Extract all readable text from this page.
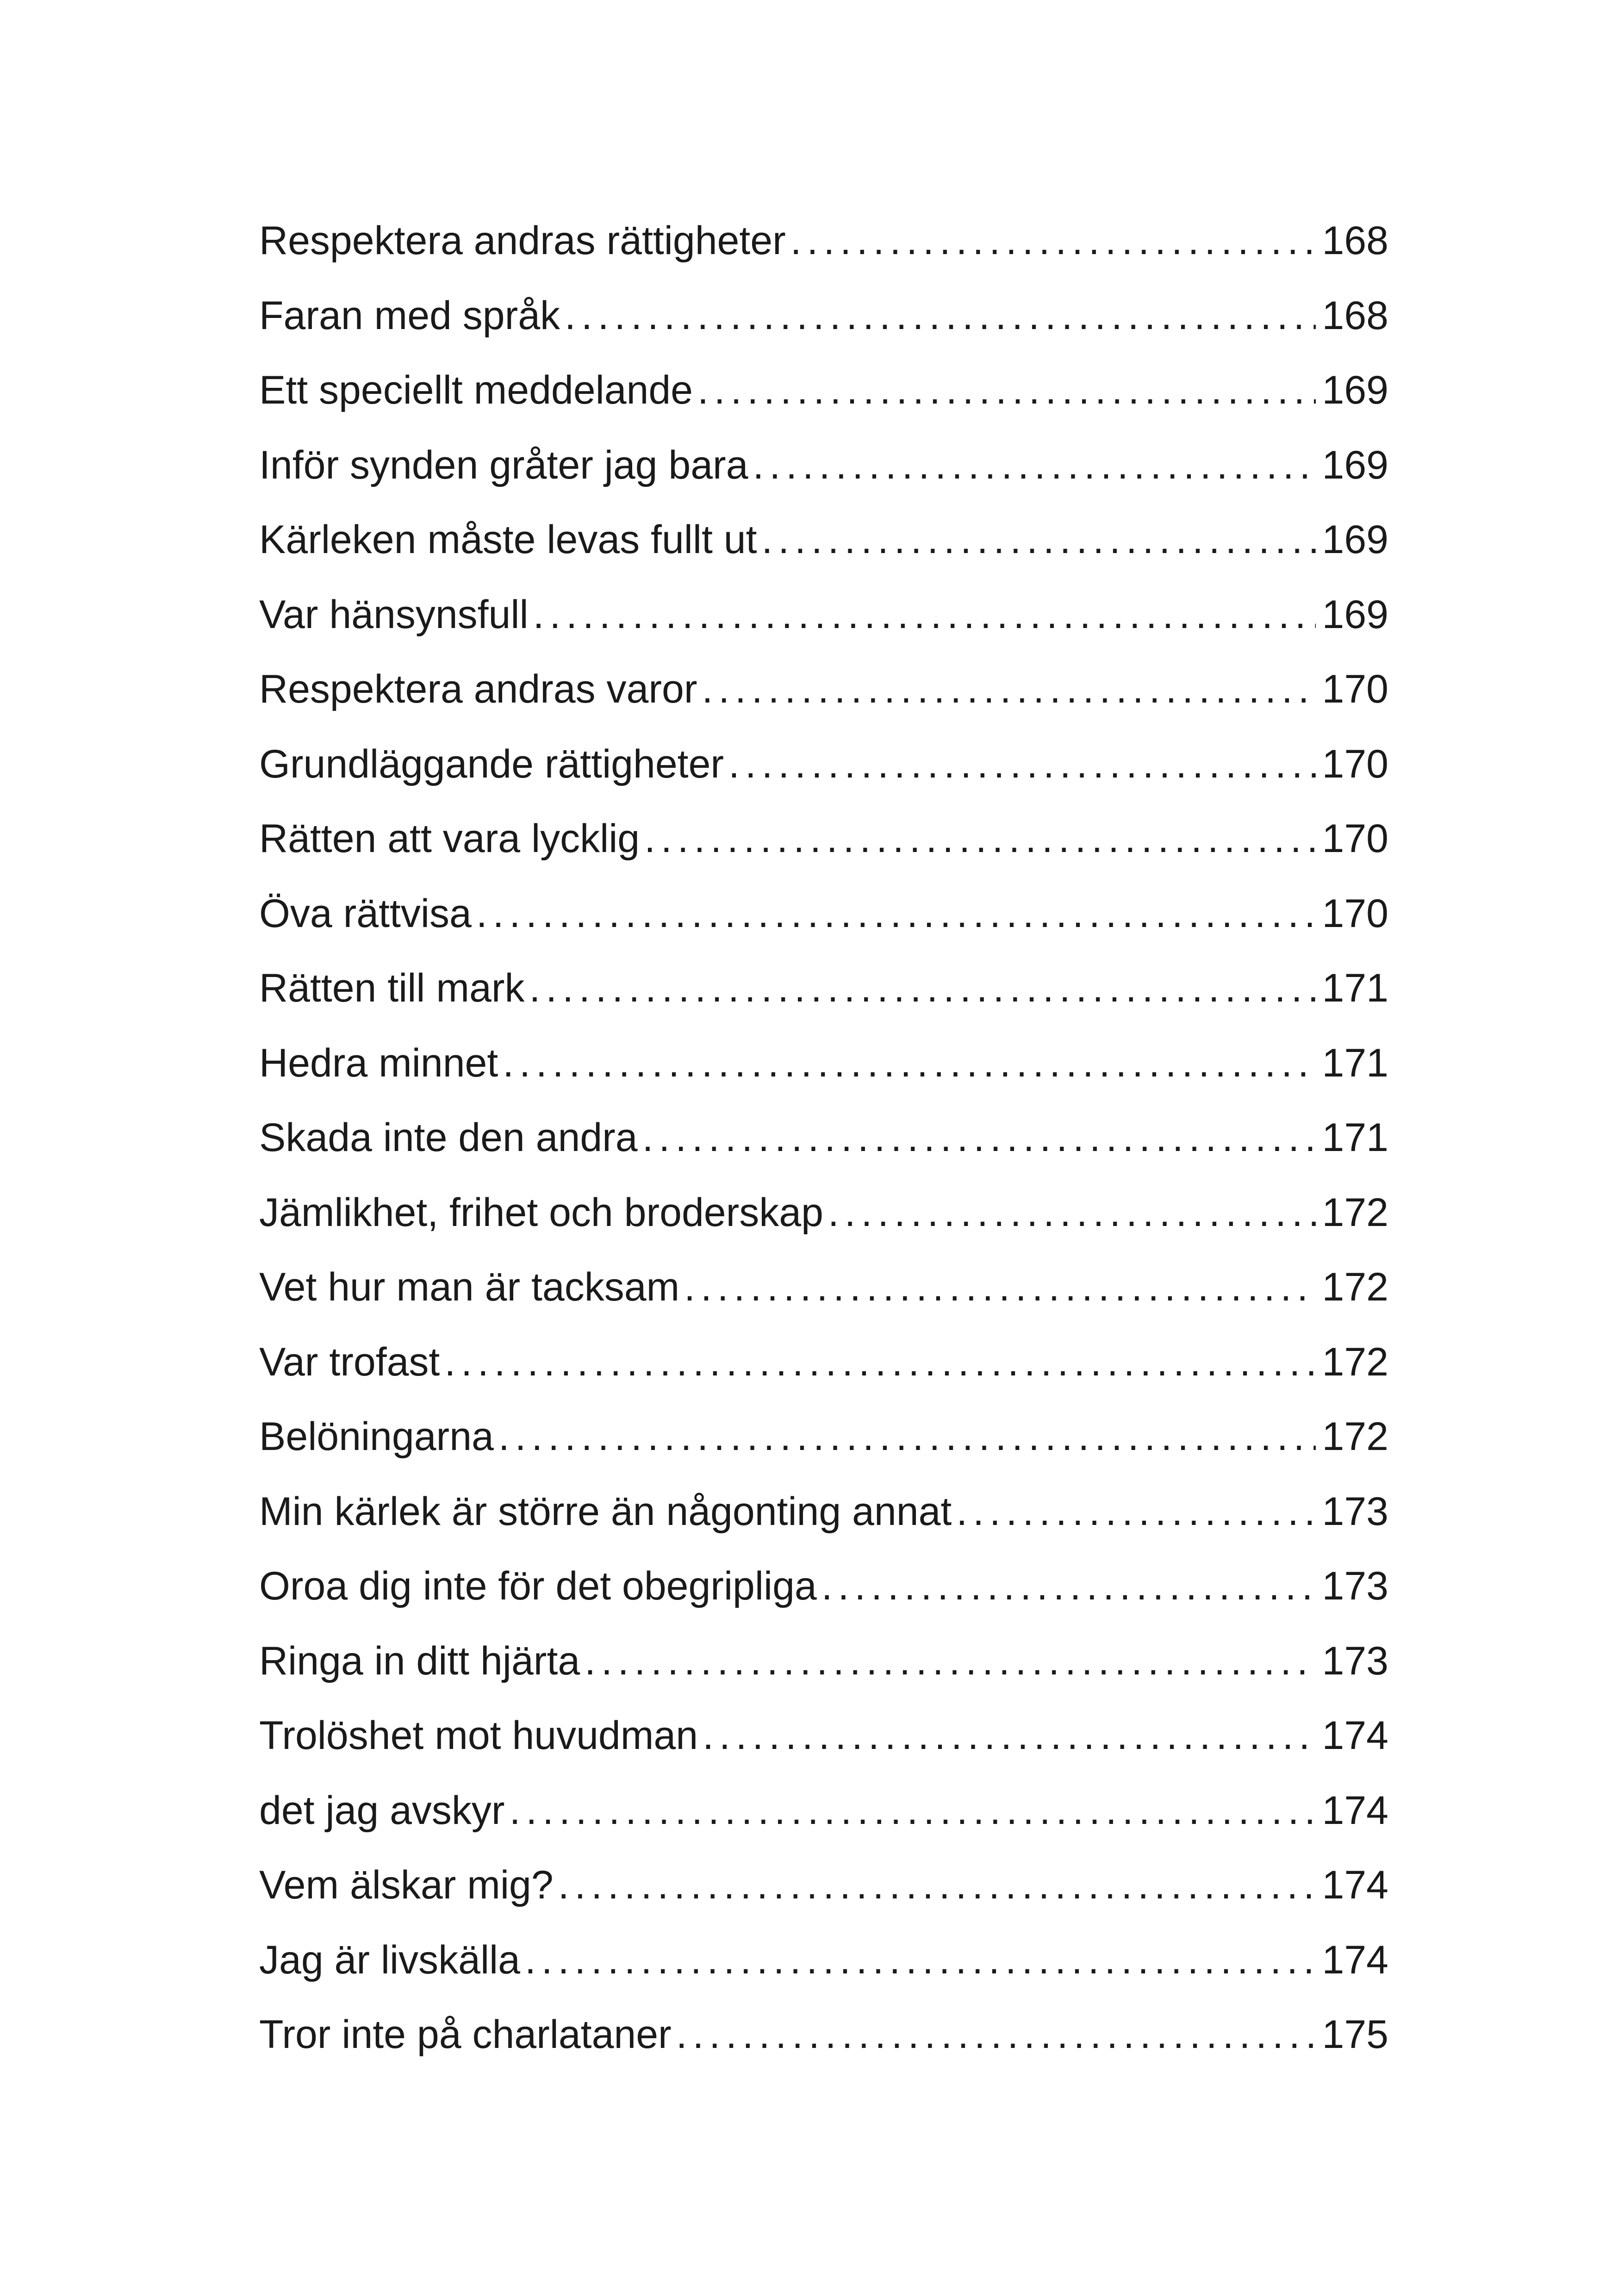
Respektera andras rättigheter . . .	168
Faran med språk . . .	168
Ett speciellt meddelande . . .	169
Inför synden gråter jag bara . . .	169
Kärleken måste levas fullt ut . . .	169
Var hänsynsfull . . .	169
Respektera andras varor . . .	170
Grundläggande rättigheter . . .	170
Rätten att vara lycklig . . .	170
Öva rättvisa . . .	170
Rätten till mark . . .	171
Hedra minnet . . .	171
Skada inte den andra . . .	171
Jämlikhet, frihet och broderskap . . .	172
Vet hur man är tacksam . . .	172
Var trofast . . .	172
Belöningarna . . .	172
Min kärlek är större än någonting annat . . .	173
Oroa dig inte för det obegripliga . . .	173
Ringa in ditt hjärta . . .	173
Trolöshet mot huvudman . . .	174
det jag avskyr . . .	174
Vem älskar mig? . . .	174
Jag är livskälla . . .	174
Tror inte på charlataner . . .	175
